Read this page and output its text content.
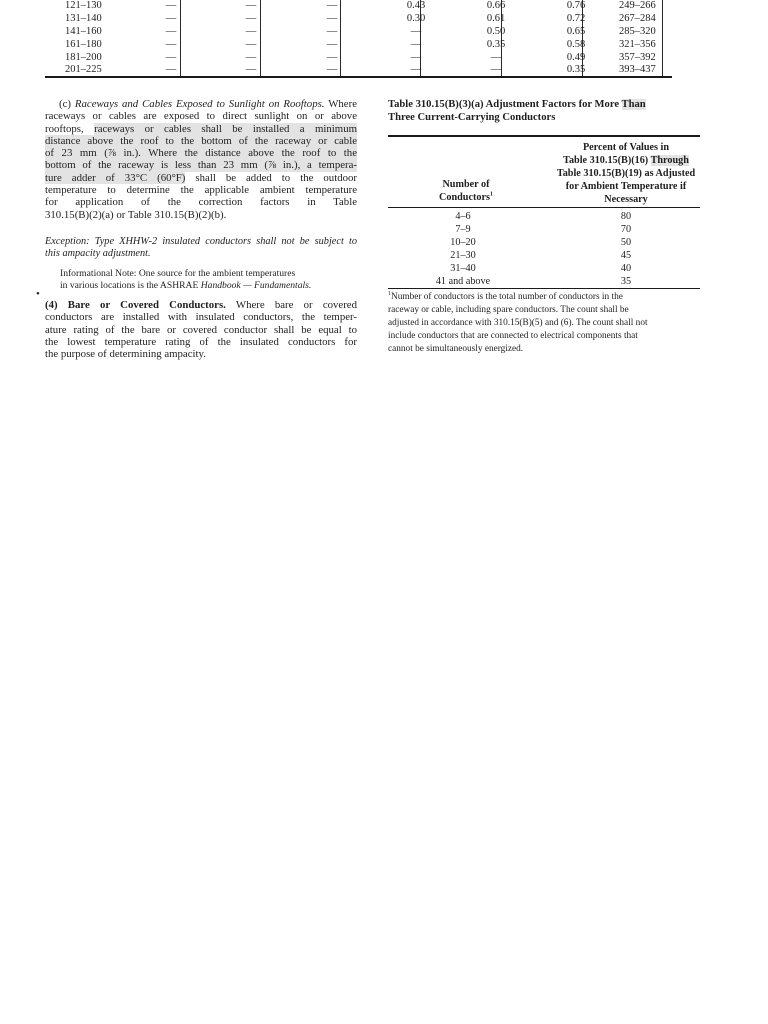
121–130	—	—	—	0.43	0.66	0.76	249–266
131–140	—	—	—	0.30	0.61	0.72	267–284
141–160	—	—	—	—	0.50	0.65	285–320
161–180	—	—	—	—	0.35	0.58	321–356
181–200	—	—	—	—	—	0.49	357–392
201–225	—	—	—	—	—	0.35	393–437
(c) Raceways and Cables Exposed to Sunlight on Rooftops. Where
raceways or cables are exposed to direct sunlight on or above
rooftops, raceways or cables shall be installed a minimum
distance above the roof to the bottom of the raceway or cable
of 23 mm (⅞ in.). Where the distance above the roof to the
bottom of the raceway is less than 23 mm (⅞ in.), a tempera-
ture adder of 33°C (60°F) shall be added to the outdoor
temperature to determine the applicable ambient temperature
for application of the correction factors in Table
310.15(B)(2)(a) or Table 310.15(B)(2)(b).
Exception: Type XHHW-2 insulated conductors shall not be subject to
this ampacity adjustment.
Informational Note: One source for the ambient temperatures
in various locations is the ASHRAE Handbook — Fundamentals.
•
(4) Bare or Covered Conductors. Where bare or covered
conductors are installed with insulated conductors, the temper-
ature rating of the bare or covered conductor shall be equal to
the lowest temperature rating of the insulated conductors for
the purpose of determining ampacity.
Table 310.15(B)(3)(a) Adjustment Factors for More Than
Three Current-Carrying Conductors
Percent of Values in
Table 310.15(B)(16) Through
Table 310.15(B)(19) as Adjusted
for Ambient Temperature if
Necessary
Number of
Conductors$^1$
4–6	80
7–9	70
10–20	50
21–30	45
31–40	40
41 and above	35
$^1$Number of conductors is the total number of conductors in the
raceway or cable, including spare conductors. The count shall be
adjusted in accordance with 310.15(B)(5) and (6). The count shall not
include conductors that are connected to electrical components that
cannot be simultaneously energized.
